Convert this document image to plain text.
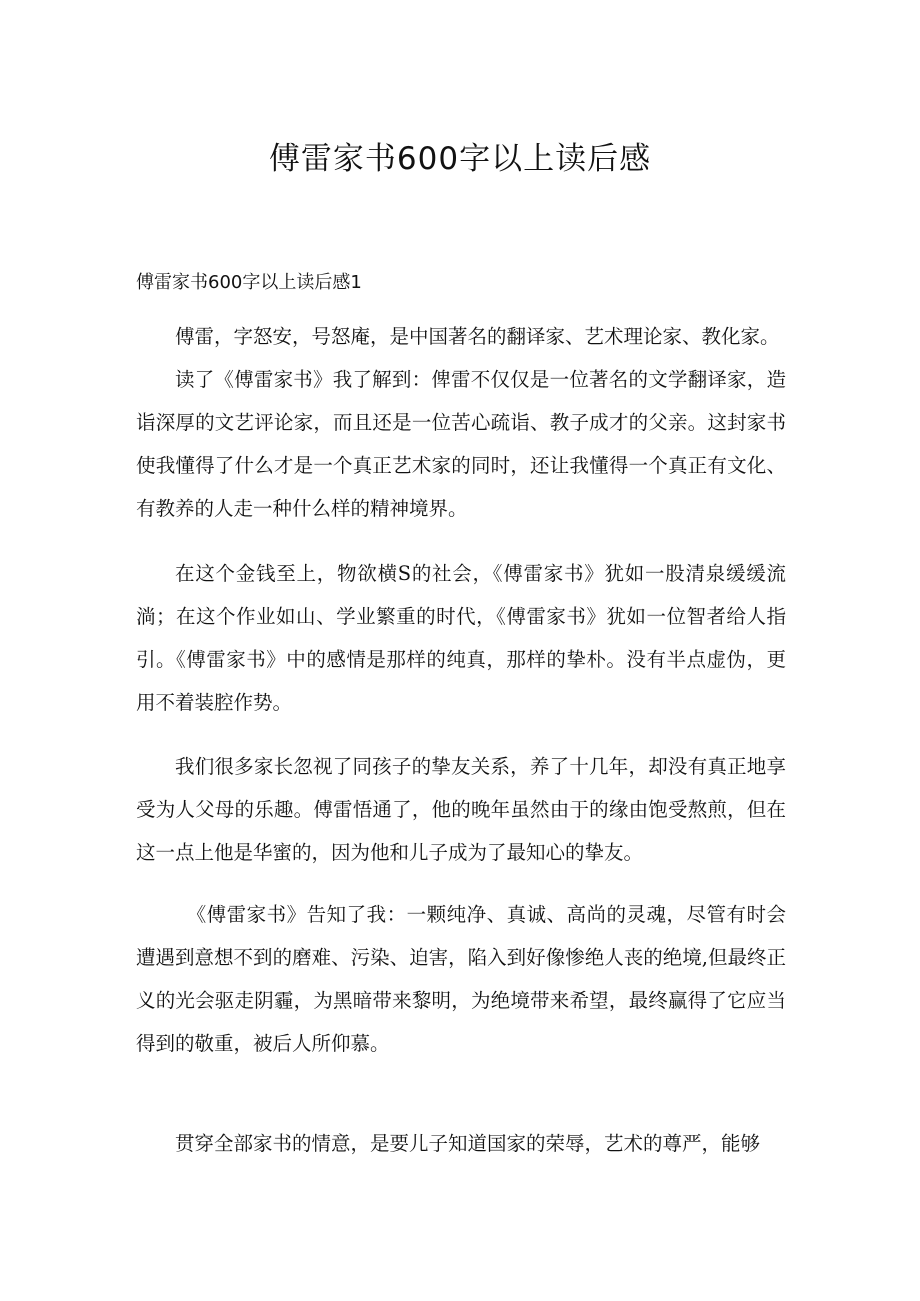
傅雷家书600字以上读后感

傅雷家书600字以上读后感1

傅雷，字怒安，号怒庵，是中国著名的翻译家、艺术理论家、教化家。

读了《傅雷家书》我了解到：俾雷不仅仅是一位著名的文学翻译家，造诣深厚的文艺评论家，而且还是一位苦心疏诣、教子成才的父亲。这封家书使我懂得了什么才是一个真正艺术家的同时，还让我懂得一个真正有文化、有教养的人走一种什么样的精神境界。

在这个金钱至上，物欲横S的社会，《傅雷家书》犹如一股清泉缓缓流淌；在这个作业如山、学业繁重的时代，《傅雷家书》犹如一位智者给人指引。《傅雷家书》中的感情是那样的纯真，那样的挚朴。没有半点虚伪，更用不着装腔作势。

我们很多家长忽视了同孩子的挚友关系，养了十几年，却没有真正地享受为人父母的乐趣。傅雷悟通了，他的晚年虽然由于的缘由饱受熬煎，但在这一点上他是华蜜的，因为他和儿子成为了最知心的挚友。

《傅雷家书》告知了我：一颗纯净、真诚、高尚的灵魂，尽管有时会遭遇到意想不到的磨难、污染、迫害，陷入到好像惨绝人丧的绝境,但最终正义的光会驱走阴霾，为黑暗带来黎明，为绝境带来希望，最终赢得了它应当得到的敬重，被后人所仰慕。

贯穿全部家书的情意，是要儿子知道国家的荣辱，艺术的尊严，能够
